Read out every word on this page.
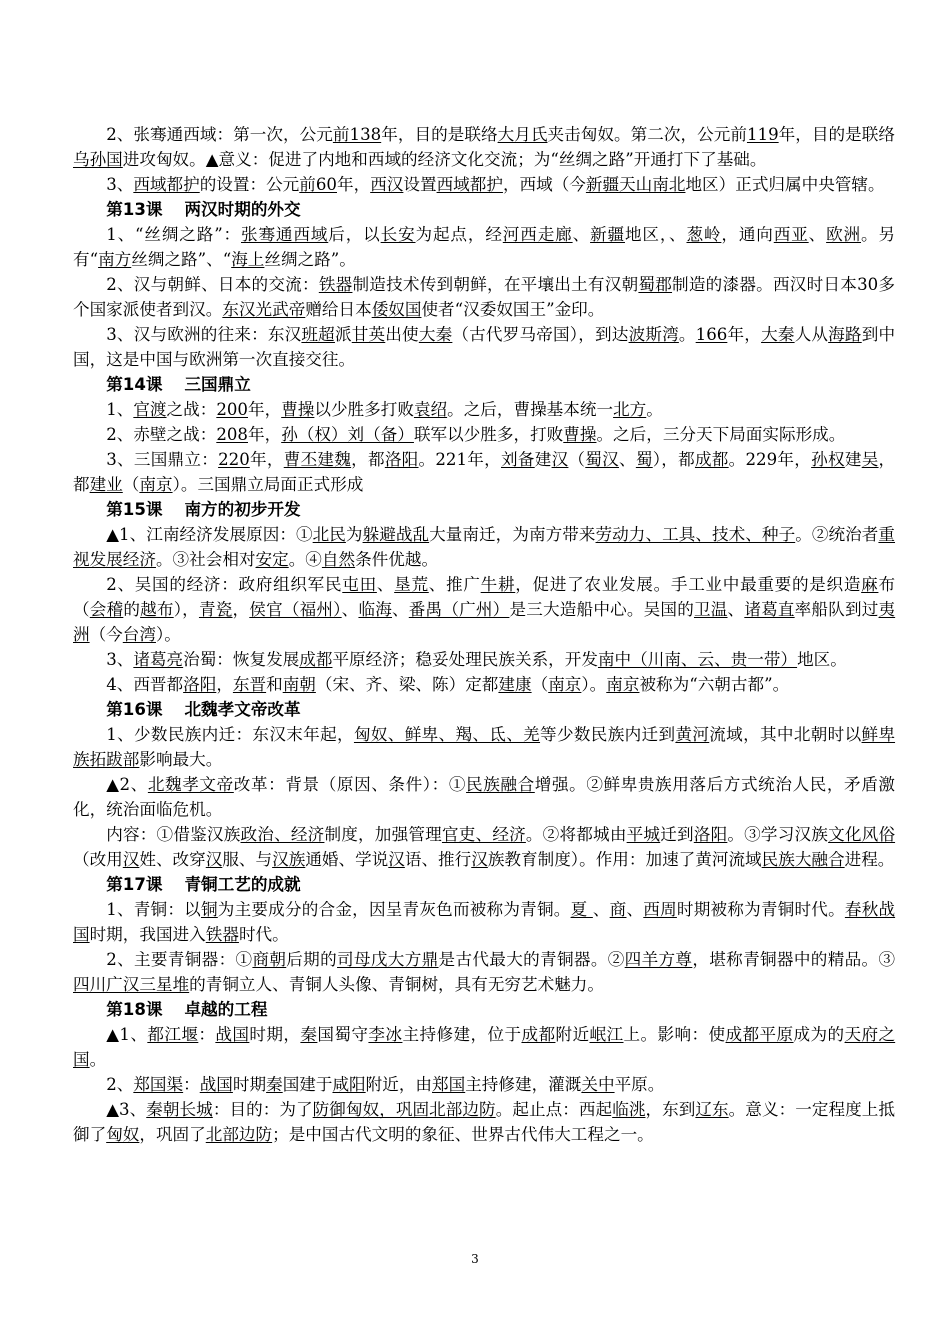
2、张骞通西域：第一次，公元前138年，目的是联络大月氏夹击匈奴。第二次，公元前119年，目的是联络乌孙国进攻匈奴。▲意义：促进了内地和西域的经济文化交流；为“丝绸之路”开通打下了基础。

3、西域都护的设置：公元前60年，西汉设置西域都护，西域（今新疆天山南北地区）正式归属中央管辖。

第13课 两汉时期的外交

1、“丝绸之路”：张骞通西域后，以长安为起点，经河西走廊、新疆地区，、葱岭，通向西亚、欧洲。另有“南方丝绸之路”、“海上丝绸之路”。

2、汉与朝鲜、日本的交流：铁器制造技术传到朝鲜，在平壤出土有汉朝蜀郡制造的漆器。西汉时日本30多个国家派使者到汉。东汉光武帝赠给日本倭奴国使者“汉委奴国王”金印。

3、汉与欧洲的往来：东汉班超派甘英出使大秦（古代罗马帝国），到达波斯湾。166年，大秦人从海路到中国，这是中国与欧洲第一次直接交往。

第14课 三国鼎立

1、官渡之战：200年，曹操以少胜多打败袁绍。之后，曹操基本统一北方。

2、赤壁之战：208年，孙（权）刘（备）联军以少胜多，打败曹操。之后，三分天下局面实际形成。

3、三国鼎立：220年，曹丕建魏，都洛阳。221年，刘备建汉（蜀汉、蜀），都成都。229年，孙权建吴，都建业（南京）。三国鼎立局面正式形成

第15课 南方的初步开发

▲1、江南经济发展原因：①北民为躲避战乱大量南迁，为南方带来劳动力、工具、技术、种子。②统治者重视发展经济。③社会相对安定。④自然条件优越。

2、吴国的经济：政府组织军民屯田、垦荒、推广牛耕，促进了农业发展。手工业中最重要的是织造麻布（会稽的越布），青瓷，侯官（福州）、临海、番禺（广州）是三大造船中心。吴国的卫温、诸葛直率船队到过夷洲（今台湾）。

3、诸葛亮治蜀：恢复发展成都平原经济；稳妥处理民族关系，开发南中（川南、云、贵一带）地区。

4、西晋都洛阳，东晋和南朝（宋、齐、梁、陈）定都建康（南京）。南京被称为“六朝古都”。

第16课 北魏孝文帝改革

1、少数民族内迁：东汉末年起，匈奴、鲜卑、羯、氐、羌等少数民族内迁到黄河流域，其中北朝时以鲜卑族拓跋部影响最大。

▲2、北魏孝文帝改革：背景（原因、条件）：①民族融合增强。②鲜卑贵族用落后方式统治人民，矛盾激化，统治面临危机。

内容：①借鉴汉族政治、经济制度，加强管理官吏、经济。②将都城由平城迁到洛阳。③学习汉族文化风俗（改用汉姓、改穿汉服、与汉族通婚、学说汉语、推行汉族教育制度）。作用：加速了黄河流域民族大融合进程。

第17课 青铜工艺的成就

1、青铜：以铜为主要成分的合金，因呈青灰色而被称为青铜。夏 、商、西周时期被称为青铜时代。春秋战国时期，我国进入铁器时代。

2、主要青铜器：①商朝后期的司母戊大方鼎是古代最大的青铜器。②四羊方尊，堪称青铜器中的精品。③四川广汉三星堆的青铜立人、青铜人头像、青铜树，具有无穷艺术魅力。

第18课 卓越的工程

▲1、都江堰：战国时期，秦国蜀守李冰主持修建，位于成都附近岷江上。影响：使成都平原成为的天府之国。

2、郑国渠：战国时期秦国建于咸阳附近，由郑国主持修建，灌溉关中平原。

▲3、秦朝长城：目的：为了防御匈奴，巩固北部边防。起止点：西起临洮，东到辽东。意义：一定程度上抵御了匈奴，巩固了北部边防；是中国古代文明的象征、世界古代伟大工程之一。

3
